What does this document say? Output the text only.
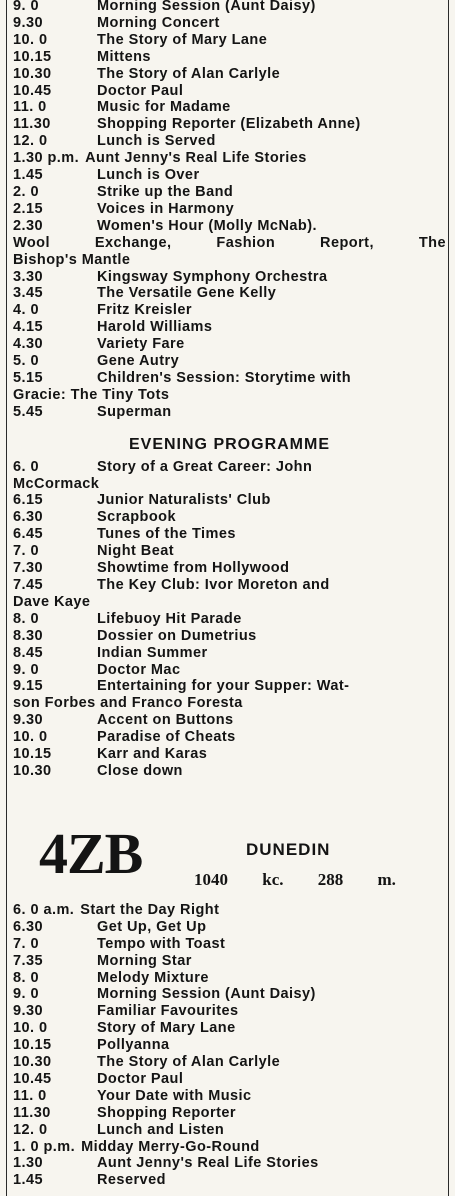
9. 0	Morning Session (Aunt Daisy)
9.30	Morning Concert
10. 0	The Story of Mary Lane
10.15	Mittens
10.30	The Story of Alan Carlyle
10.45	Doctor Paul
11. 0	Music for Madame
11.30	Shopping Reporter (Elizabeth Anne)
12. 0	Lunch is Served
1.30 p.m. Aunt Jenny's Real Life Stories
1.45	Lunch is Over
2. 0	Strike up the Band
2.15	Voices in Harmony
2.30	Women's Hour (Molly McNab).
Wool Exchange, Fashion Report, The
Bishop's Mantle
3.30	Kingsway Symphony Orchestra
3.45	The Versatile Gene Kelly
4. 0	Fritz Kreisler
4.15	Harold Williams
4.30	Variety Fare
5. 0	Gene Autry
5.15	Children's Session: Storytime with
Gracie: The Tiny Tots
5.45	Superman
EVENING PROGRAMME
6. 0	Story of a Great Career: John
McCormack
6.15	Junior Naturalists' Club
6.30	Scrapbook
6.45	Tunes of the Times
7. 0	Night Beat
7.30	Showtime from Hollywood
7.45	The Key Club: Ivor Moreton and
Dave Kaye
8. 0	Lifebuoy Hit Parade
8.30	Dossier on Dumetrius
8.45	Indian Summer
9. 0	Doctor Mac
9.15	Entertaining for your Supper: Wat-
son Forbes and Franco Foresta
9.30	Accent on Buttons
10. 0	Paradise of Cheats
10.15	Karr and Karas
10.30	Close down
4ZB	DUNEDIN
1040 kc. 288 m.
6. 0 a.m. Start the Day Right
6.30	Get Up, Get Up
7. 0	Tempo with Toast
7.35	Morning Star
8. 0	Melody Mixture
9. 0	Morning Session (Aunt Daisy)
9.30	Familiar Favourites
10. 0	Story of Mary Lane
10.15	Pollyanna
10.30	The Story of Alan Carlyle
10.45	Doctor Paul
11. 0	Your Date with Music
11.30	Shopping Reporter
12. 0	Lunch and Listen
1. 0 p.m. Midday Merry-Go-Round
1.30	Aunt Jenny's Real Life Stories
1.45	Reserved
